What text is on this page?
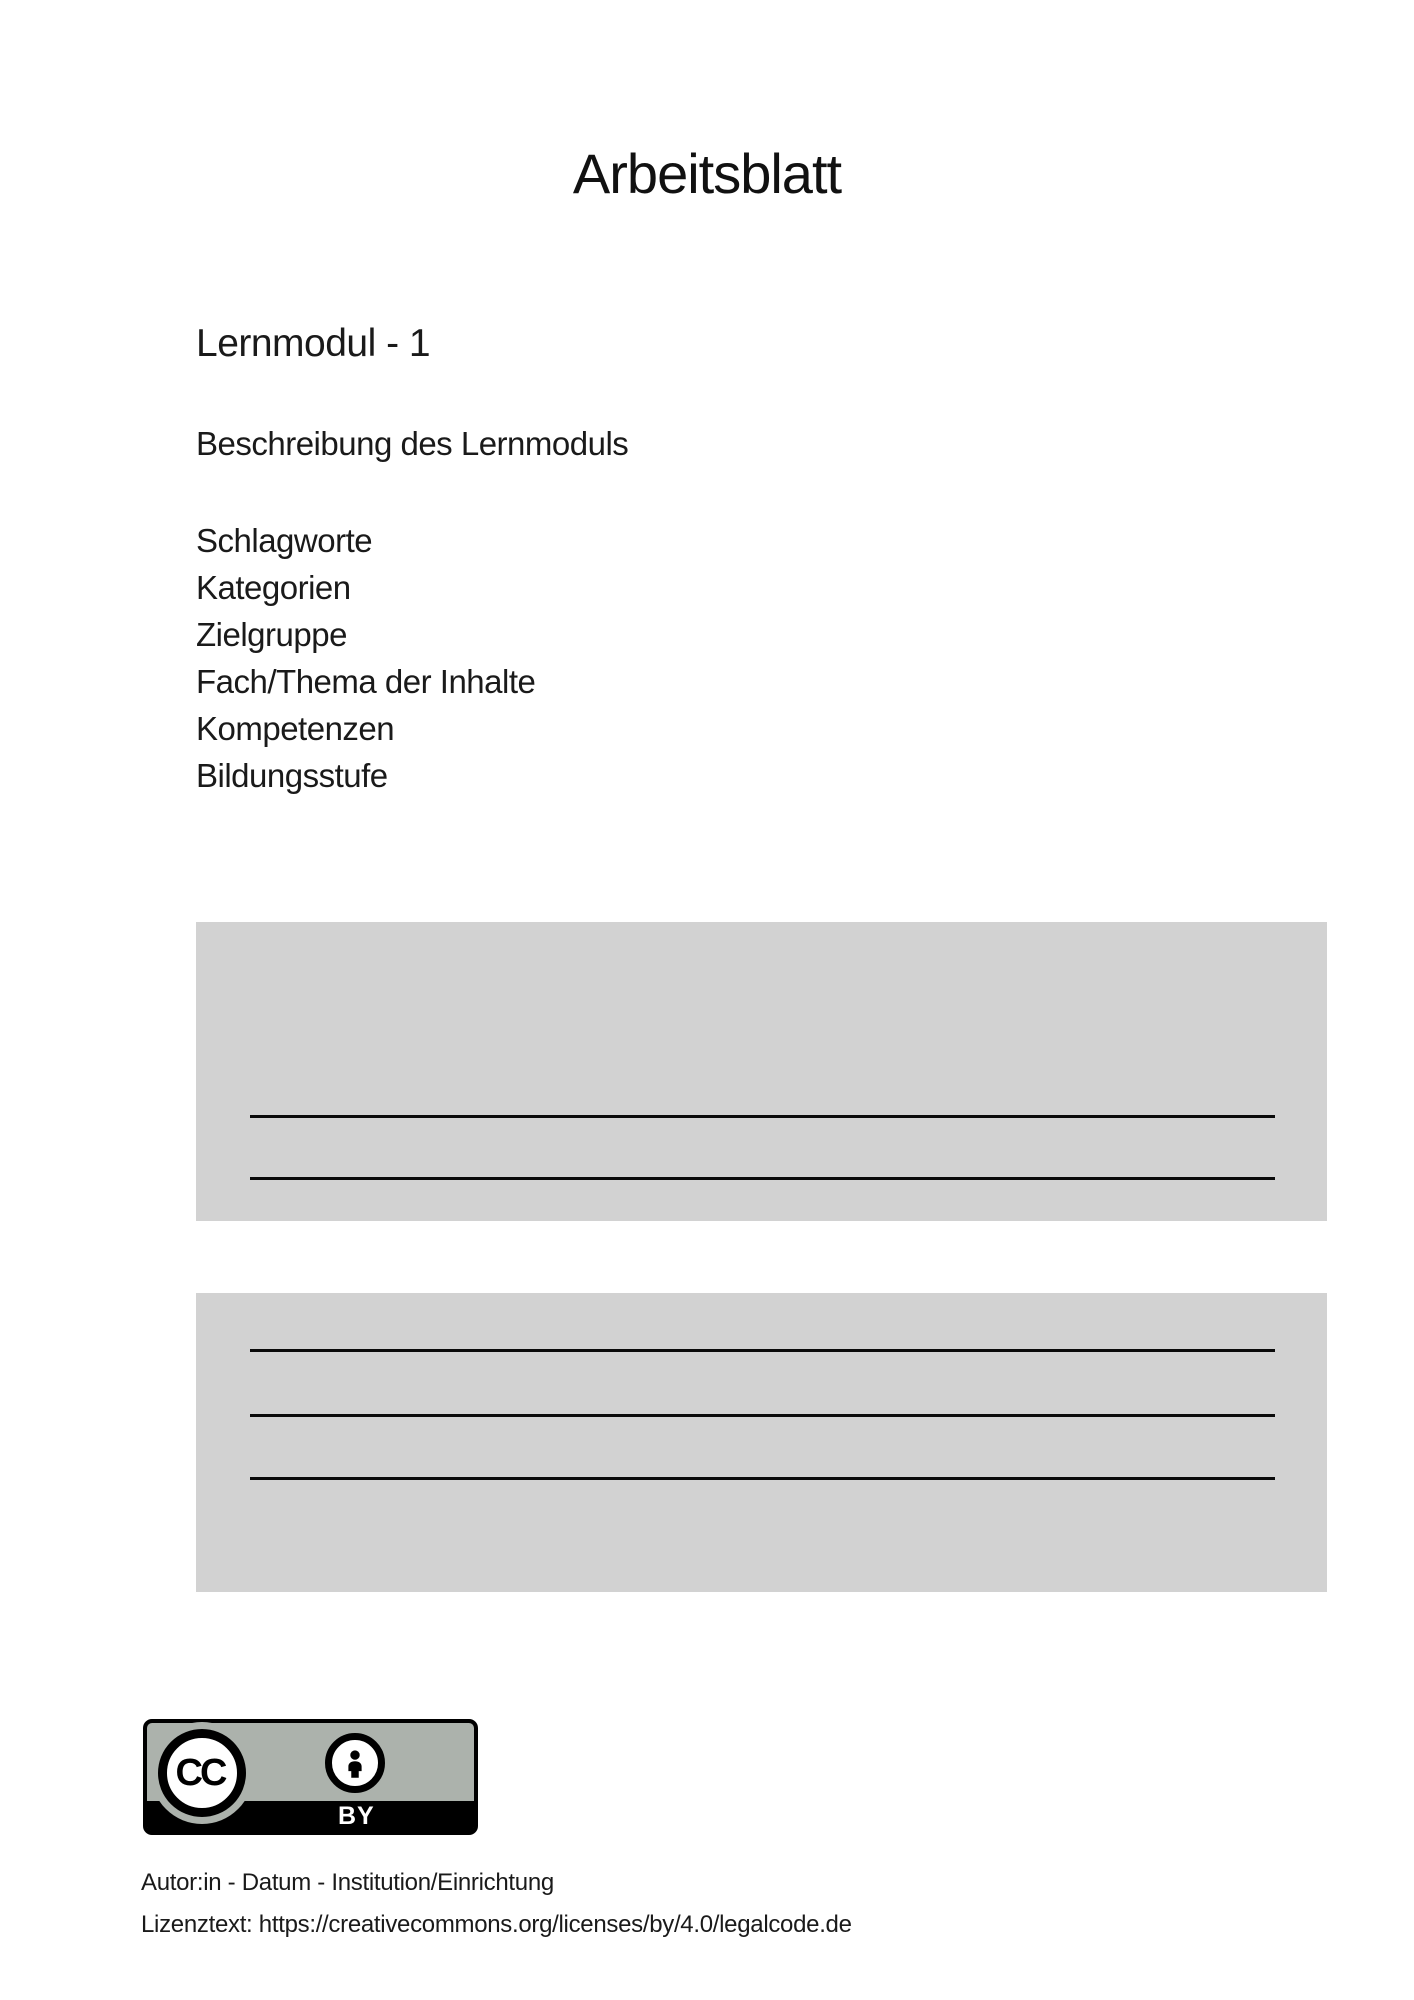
Arbeitsblatt
Lernmodul - 1
Beschreibung des Lernmoduls
Schlagworte
Kategorien
Zielgruppe
Fach/Thema der Inhalte
Kompetenzen
Bildungsstufe
CC
BY
Autor:in - Datum - Institution/Einrichtung
Lizenztext: https://creativecommons.org/licenses/by/4.0/legalcode.de
